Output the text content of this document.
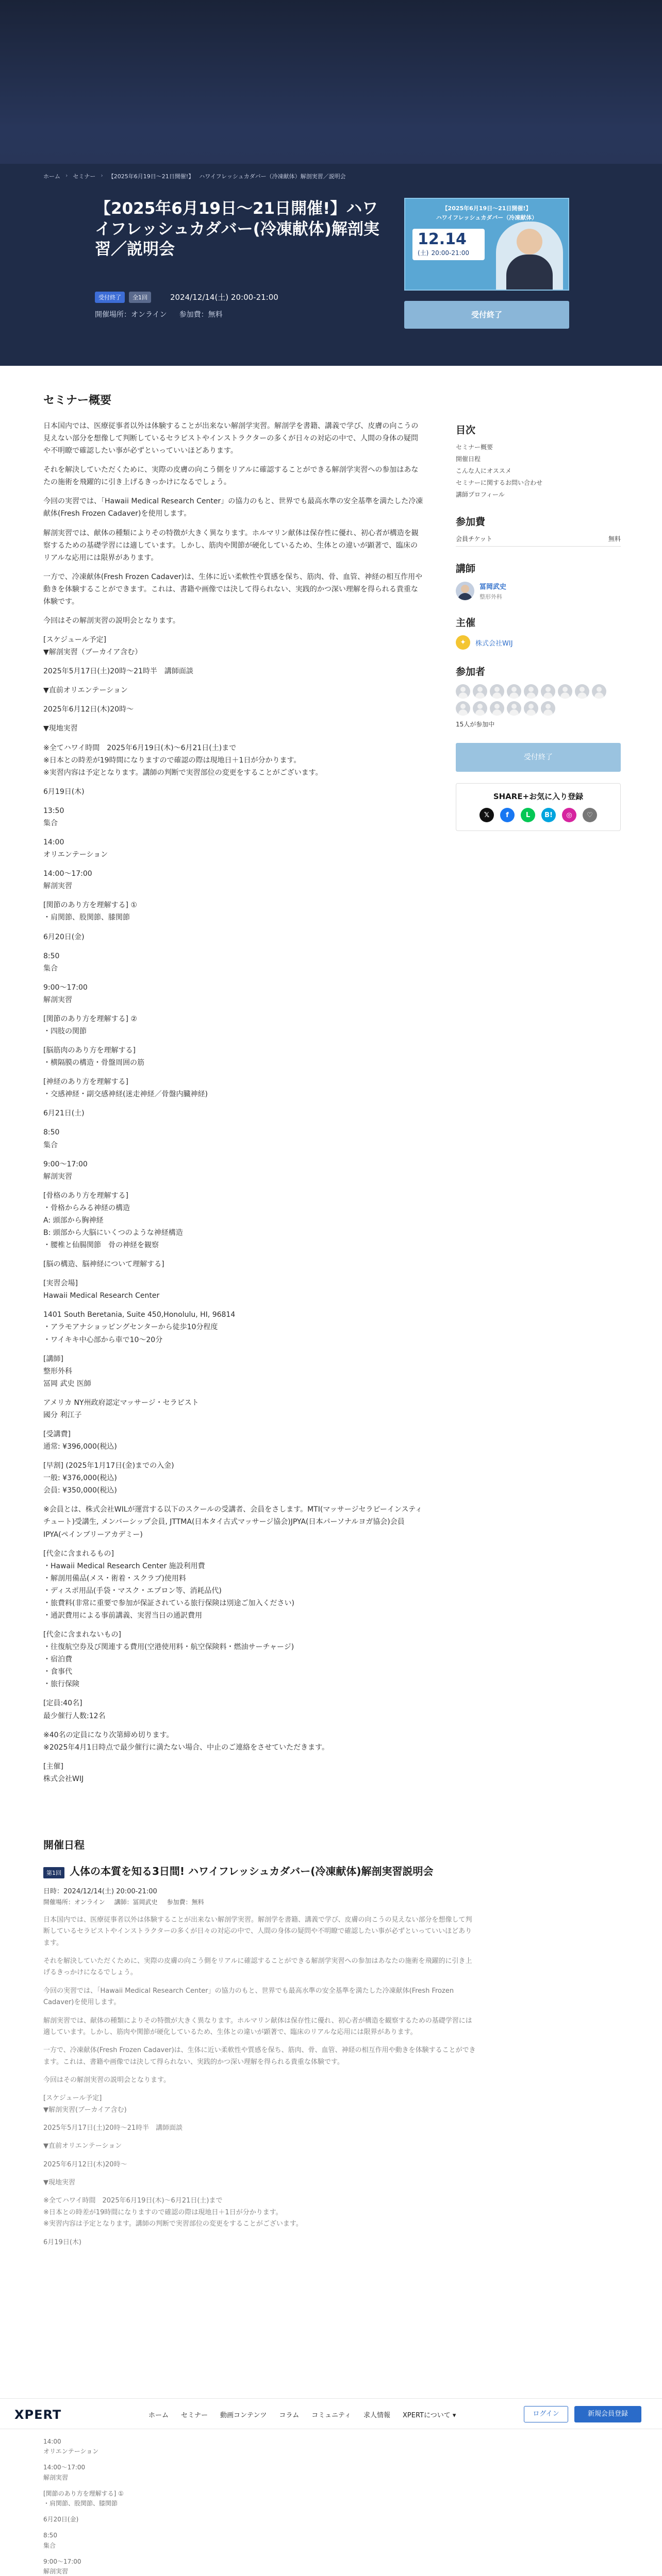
ホーム › セミナー › 【2025年6月19日〜21日開催!】 ハワイフレッシュカダバー（冷凍献体）解剖実習／説明会
【2025年6月19日〜21日開催!】ハワイフレッシュカダバー(冷凍献体)解剖実習／説明会
受付終了	全1回	2024/12/14(土) 20:00-21:00
開催場所：オンライン 参加費：無料
【2025年6月19日〜21日開催!】
ハワイフレッシュカダバー（冷凍献体）
12.14
(土) 20:00-21:00
受付終了
セミナー概要

日本国内では、医療従事者以外は体験することが出来ない解剖学実習。解剖学を書籍、講義で学び、皮膚の向こうの見えない部分を想像して判断しているセラピストやインストラクターの多くが日々の対応の中で、人間の身体の疑問や不明瞭で確認したい事が必ずといっていいほどあります。

それを解決していただくために、実際の皮膚の向こう側をリアルに確認することができる解剖学実習への参加はあなたの施術を飛躍的に引き上げるきっかけになるでしょう。

今回の実習では、「Hawaii Medical Research Center」の協力のもと、世界でも最高水準の安全基準を満たした冷凍献体(Fresh Frozen Cadaver)を使用します。

解剖実習では、献体の種類によりその特徴が大きく異なります。ホルマリン献体は保存性に優れ、初心者が構造を観察するための基礎学習には適しています。しかし、筋肉や関節が硬化しているため、生体との違いが顕著で、臨床のリアルな応用には限界があります。

一方で、冷凍献体(Fresh Frozen Cadaver)は、生体に近い柔軟性や質感を保ち、筋肉、骨、血管、神経の相互作用や動きを体験することができます。これは、書籍や画像では決して得られない、実践的かつ深い理解を得られる貴重な体験です。

今回はその解剖実習の説明会となります。

[スケジュール予定]
▼解剖実習（ブーカイア含む）

2025年5月17日(土)20時〜21時半　講師面談

▼直前オリエンテーション

2025年6月12日(木)20時〜

▼現地実習

※全てハワイ時間　2025年6月19日(木)〜6月21日(土)まで
※日本との時差が19時間になりますので確認の際は現地日＋1日が分かります。
※実習内容は予定となります。講師の判断で実習部位の変更をすることがございます。

6月19日(木)

13:50
集合

14:00
オリエンテーション

14:00〜17:00
解剖実習

[関節のあり方を理解する] ①
・肩関節、股関節、膝関節

6月20日(金)

8:50
集合

9:00〜17:00
解剖実習

[関節のあり方を理解する] ②
・四肢の関節

[脳筋肉のあり方を理解する]
・横隔膜の構造・骨盤周囲の筋

[神経のあり方を理解する]
・交感神経・副交感神経(迷走神経／骨盤内臓神経)

6月21日(土)

8:50
集合

9:00〜17:00
解剖実習

[骨格のあり方を理解する]
・骨格からみる神経の構造
A: 頭部から胸神経
B: 頭部から大脳にいくつのような神経構造
・腰椎と仙腸関節　骨の神経を観察

[脳の構造、脳神経について理解する]

[実習会場]
Hawaii Medical Research Center

1401 South Beretania, Suite 450,Honolulu, HI, 96814
・アラモアナショッピングセンターから徒歩10分程度
・ワイキキ中心部から車で10〜20分

[講師]
整形外科
冨岡 武史 医師

アメリカ NY州政府認定マッサージ・セラピスト
國分 利江子

[受講費]
通常: ¥396,000(税込)

[早割] (2025年1月17日(金)までの入金)
一般: ¥376,000(税込)
会員: ¥350,000(税込)

※会員とは、株式会社WILが運営する以下のスクールの受講者、会員をさします。MTI(マッサージセラピーインスティチュート)受講生, メンバーシップ会員, JTTMA(日本タイ古式マッサージ協会)JPYA(日本パーソナルヨガ協会)会員IPYA(ペインブリーアカデミー)

[代金に含まれるもの]
・Hawaii Medical Research Center 施設利用費
・解剖用備品(メス・術着・スクラブ)使用料
・ディスポ用品(手袋・マスク・エプロン等、消耗品代)
・旅費料(非常に重要で参加が保証されている旅行保険は別途ご加入ください)
・通訳費用による事前講義、実習当日の通訳費用

[代金に含まれないもの]
・往復航空券及び関連する費用(空港使用料・航空保険料・燃油サーチャージ)
・宿泊費
・食事代
・旅行保険

[定員:40名]
最少催行人数:12名

※40名の定員になり次第締め切ります。
※2025年4月1日時点で最少催行に満たない場合、中止のご連絡をさせていただきます。

[主催]
株式会社WIJ

目次
セミナー概要
開催日程
こんな人にオススメ
セミナーに関するお問い合わせ
講師プロフィール
参加費
会員チケット	無料
講師
冨岡武史
整形外科
主催
✦	株式会社WIJ
参加者
15人が参加中
受付終了
SHARE+お気に入り登録
𝕏	f	L	B!	◎	♡
開催日程
第1回 人体の本質を知る3日間! ハワイフレッシュカダバー(冷凍献体)解剖実習説明会
日時：2024/12/14(土) 20:00-21:00
開催場所：オンライン 講師：冨岡武史 参加費：無料

日本国内では、医療従事者以外は体験することが出来ない解剖学実習。解剖学を書籍、講義で学び、皮膚の向こうの見えない部分を想像して判断しているセラピストやインストラクターの多くが日々の対応の中で、人間の身体の疑問や不明瞭で確認したい事が必ずといっていいほどあります。

それを解決していただくために、実際の皮膚の向こう側をリアルに確認することができる解剖学実習への参加はあなたの施術を飛躍的に引き上げるきっかけになるでしょう。

今回の実習では、「Hawaii Medical Research Center」の協力のもと、世界でも最高水準の安全基準を満たした冷凍献体(Fresh Frozen Cadaver)を使用します。

解剖実習では、献体の種類によりその特徴が大きく異なります。ホルマリン献体は保存性に優れ、初心者が構造を観察するための基礎学習には適しています。しかし、筋肉や関節が硬化しているため、生体との違いが顕著で、臨床のリアルな応用には限界があります。

一方で、冷凍献体(Fresh Frozen Cadaver)は、生体に近い柔軟性や質感を保ち、筋肉、骨、血管、神経の相互作用や動きを体験することができます。これは、書籍や画像では決して得られない、実践的かつ深い理解を得られる貴重な体験です。

今回はその解剖実習の説明会となります。

[スケジュール予定]
▼解剖実習(ブーカイア含む)

2025年5月17日(土)20時〜21時半　講師面談

▼直前オリエンテーション

2025年6月12日(木)20時〜

▼現地実習

※全てハワイ時間　2025年6月19日(木)〜6月21日(土)まで
※日本との時差が19時間になりますので確認の際は現地日＋1日が分かります。
※実習内容は予定となります。講師の判断で実習部位の変更をすることがございます。

6月19日(木)

XPERT	ホーム セミナー 動画コンテンツ コラム コミュニティ 求人情報 XPERTについて ▾	ログイン	新規会員登録

14:00
オリエンテーション

14:00〜17:00
解剖実習

[関節のあり方を理解する] ①
・肩関節、股関節、膝関節

6月20日(金)

8:50
集合

9:00〜17:00
解剖実習
